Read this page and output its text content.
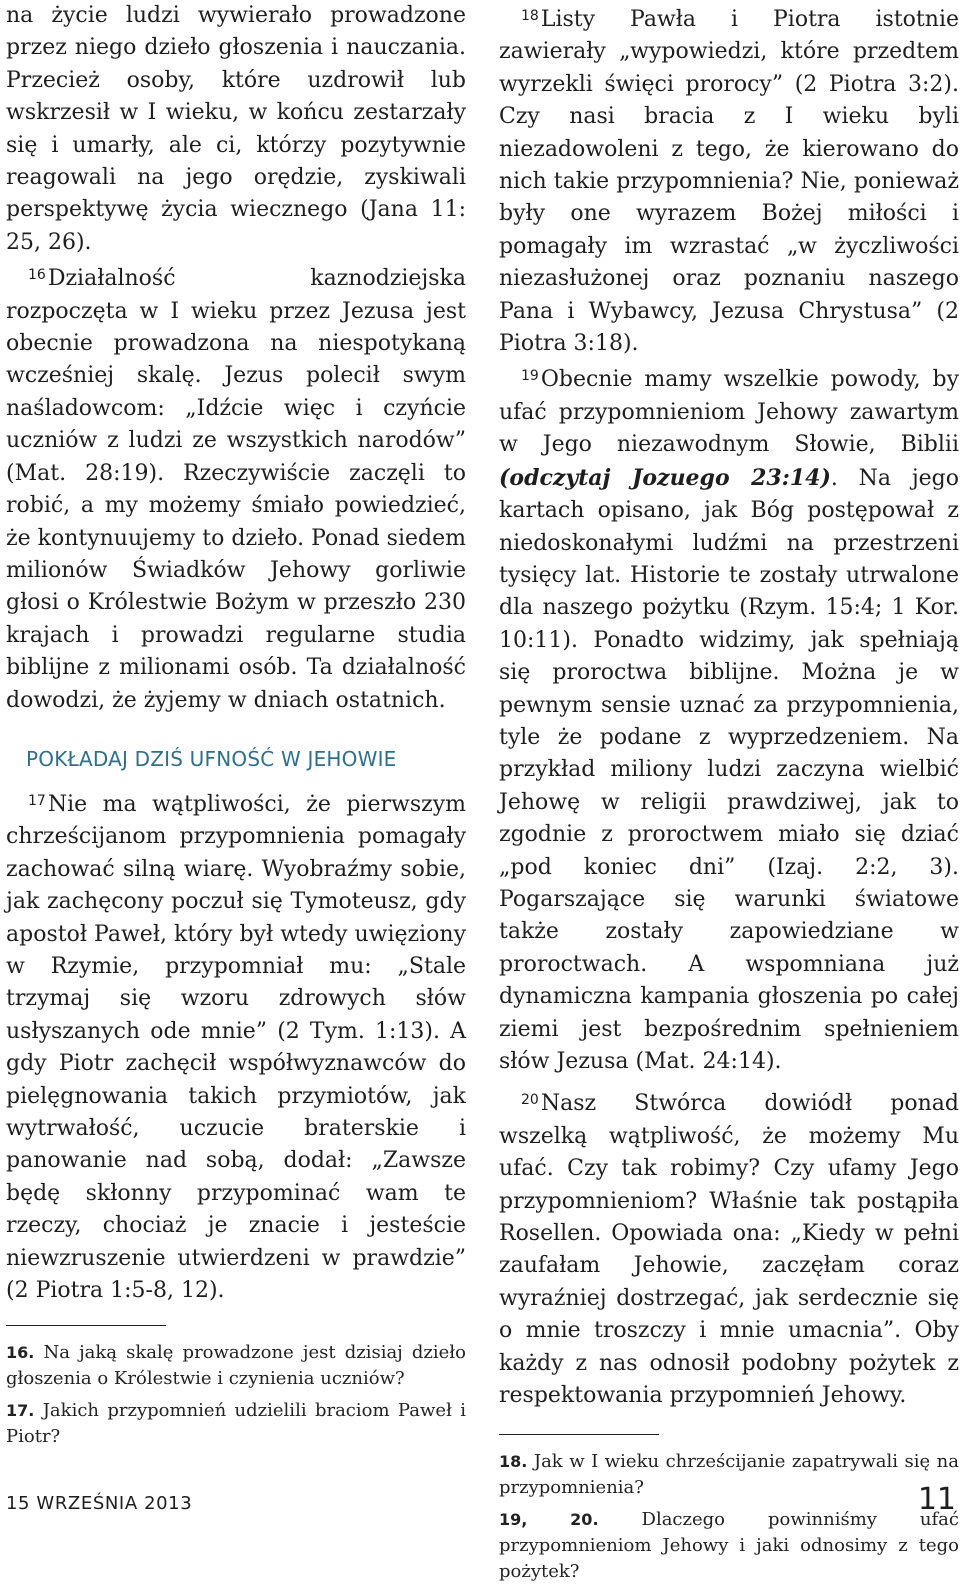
na życie ludzi wywierało prowadzone przez niego dzieło głoszenia i nauczania. Przecież osoby, które uzdrowił lub wskrzesił w I wieku, w końcu zestarzały się i umarły, ale ci, którzy pozytywnie reagowali na jego orędzie, zyskiwali perspektywę życia wiecznego (Jana 11: 25, 26).

$^{16}$Działalność kaznodziejska rozpoczęta w I wieku przez Jezusa jest obecnie prowadzona na niespotykaną wcześniej skalę. Jezus polecił swym naśladowcom: „Idźcie więc i czyńcie uczniów z ludzi ze wszystkich narodów” (Mat. 28:19). Rzeczywiście zaczęli to robić, a my możemy śmiało powiedzieć, że kontynuujemy to dzieło. Ponad siedem milionów Świadków Jehowy gorliwie głosi o Królestwie Bożym w przeszło 230 krajach i prowadzi regularne studia biblijne z milionami osób. Ta działalność dowodzi, że żyjemy w dniach ostatnich.

POKŁADAJ DZIŚ UFNOŚĆ W JEHOWIE

$^{17}$Nie ma wątpliwości, że pierwszym chrześcijanom przypomnienia pomagały zachować silną wiarę. Wyobraźmy sobie, jak zachęcony poczuł się Tymoteusz, gdy apostoł Paweł, który był wtedy uwięziony w Rzymie, przypomniał mu: „Stale trzymaj się wzoru zdrowych słów usłyszanych ode mnie” (2 Tym. 1:13). A gdy Piotr zachęcił współwyznawców do pielęgnowania takich przymiotów, jak wytrwałość, uczucie braterskie i panowanie nad sobą, dodał: „Zawsze będę skłonny przypominać wam te rzeczy, chociaż je znacie i jesteście niewzruszenie utwierdzeni w prawdzie” (2 Piotra 1:5-8, 12).

16. Na jaką skalę prowadzone jest dzisiaj dzieło głoszenia o Królestwie i czynienia uczniów?

17. Jakich przypomnień udzielili braciom Paweł i Piotr?

$^{18}$Listy Pawła i Piotra istotnie zawierały „wypowiedzi, które przedtem wyrzekli święci prorocy” (2 Piotra 3:2). Czy nasi bracia z I wieku byli niezadowoleni z tego, że kierowano do nich takie przypomnienia? Nie, ponieważ były one wyrazem Bożej miłości i pomagały im wzrastać „w życzliwości niezasłużonej oraz poznaniu naszego Pana i Wybawcy, Jezusa Chrystusa” (2 Piotra 3:18).

$^{19}$Obecnie mamy wszelkie powody, by ufać przypomnieniom Jehowy zawartym w Jego niezawodnym Słowie, Biblii (odczytaj Jozuego 23:14). Na jego kartach opisano, jak Bóg postępował z niedoskonałymi ludźmi na przestrzeni tysięcy lat. Historie te zostały utrwalone dla naszego pożytku (Rzym. 15:4; 1 Kor. 10:11). Ponadto widzimy, jak spełniają się proroctwa biblijne. Można je w pewnym sensie uznać za przypomnienia, tyle że podane z wyprzedzeniem. Na przykład miliony ludzi zaczyna wielbić Jehowę w religii prawdziwej, jak to zgodnie z proroctwem miało się dziać „pod koniec dni” (Izaj. 2:2, 3). Pogarszające się warunki światowe także zostały zapowiedziane w proroctwach. A wspomniana już dynamiczna kampania głoszenia po całej ziemi jest bezpośrednim spełnieniem słów Jezusa (Mat. 24:14).

$^{20}$Nasz Stwórca dowiódł ponad wszelką wątpliwość, że możemy Mu ufać. Czy tak robimy? Czy ufamy Jego przypomnieniom? Właśnie tak postąpiła Rosellen. Opowiada ona: „Kiedy w pełni zaufałam Jehowie, zaczęłam coraz wyraźniej dostrzegać, jak serdecznie się o mnie troszczy i mnie umacnia”. Oby każdy z nas odnosił podobny pożytek z respektowania przypomnień Jehowy.

18. Jak w I wieku chrześcijanie zapatrywali się na przypomnienia?

19, 20. Dlaczego powinniśmy ufać przypomnieniom Jehowy i jaki odnosimy z tego pożytek?

15 WRZEŚNIA 2013	11
